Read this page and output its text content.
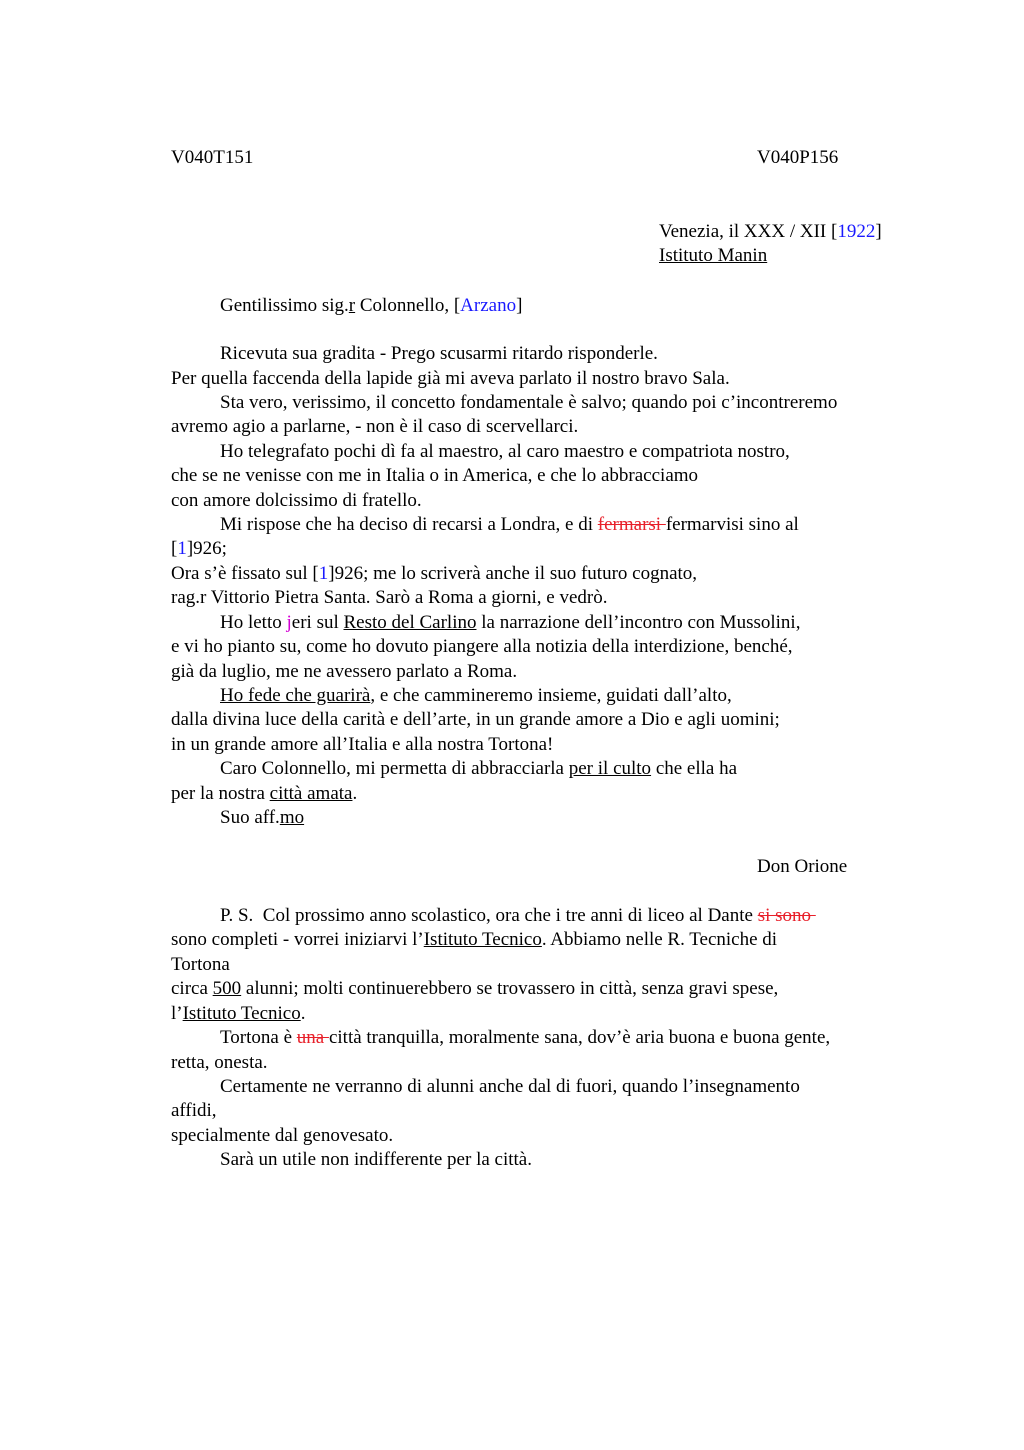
V040T151	V040P156
Venezia, il XXX / XII [1922]
Istituto Manin
Gentilissimo sig.r Colonnello, [Arzano]
Ricevuta sua gradita - Prego scusarmi ritardo risponderle.
Per quella faccenda della lapide già mi aveva parlato il nostro bravo Sala.
Sta vero, verissimo, il concetto fondamentale è salvo; quando poi c’incontreremo
avremo agio a parlarne, - non è il caso di scervellarci.
Ho telegrafato pochi dì fa al maestro, al caro maestro e compatriota nostro,
che se ne venisse con me in Italia o in America, e che lo abbracciamo
con amore dolcissimo di fratello.
Mi rispose che ha deciso di recarsi a Londra, e di fermarsi fermarvisi sino al
[1]926;
Ora s’è fissato sul [1]926; me lo scriverà anche il suo futuro cognato,
rag.r Vittorio Pietra Santa. Sarò a Roma a giorni, e vedrò.
Ho letto jeri sul Resto del Carlino la narrazione dell’incontro con Mussolini,
e vi ho pianto su, come ho dovuto piangere alla notizia della interdizione, benché,
già da luglio, me ne avessero parlato a Roma.
Ho fede che guarirà, e che cammineremo insieme, guidati dall’alto,
dalla divina luce della carità e dell’arte, in un grande amore a Dio e agli uomini;
in un grande amore all’Italia e alla nostra Tortona!
Caro Colonnello, mi permetta di abbracciarla per il culto che ella ha
per la nostra città amata.
Suo aff.mo
Don Orione
P. S.  Col prossimo anno scolastico, ora che i tre anni di liceo al Dante si sono
sono completi - vorrei iniziarvi l’Istituto Tecnico. Abbiamo nelle R. Tecniche di
Tortona
circa 500 alunni; molti continuerebbero se trovassero in città, senza gravi spese,
l’Istituto Tecnico.
Tortona è una città tranquilla, moralmente sana, dov’è aria buona e buona gente,
retta, onesta.
Certamente ne verranno di alunni anche dal di fuori, quando l’insegnamento
affidi,
specialmente dal genovesato.
Sarà un utile non indifferente per la città.
